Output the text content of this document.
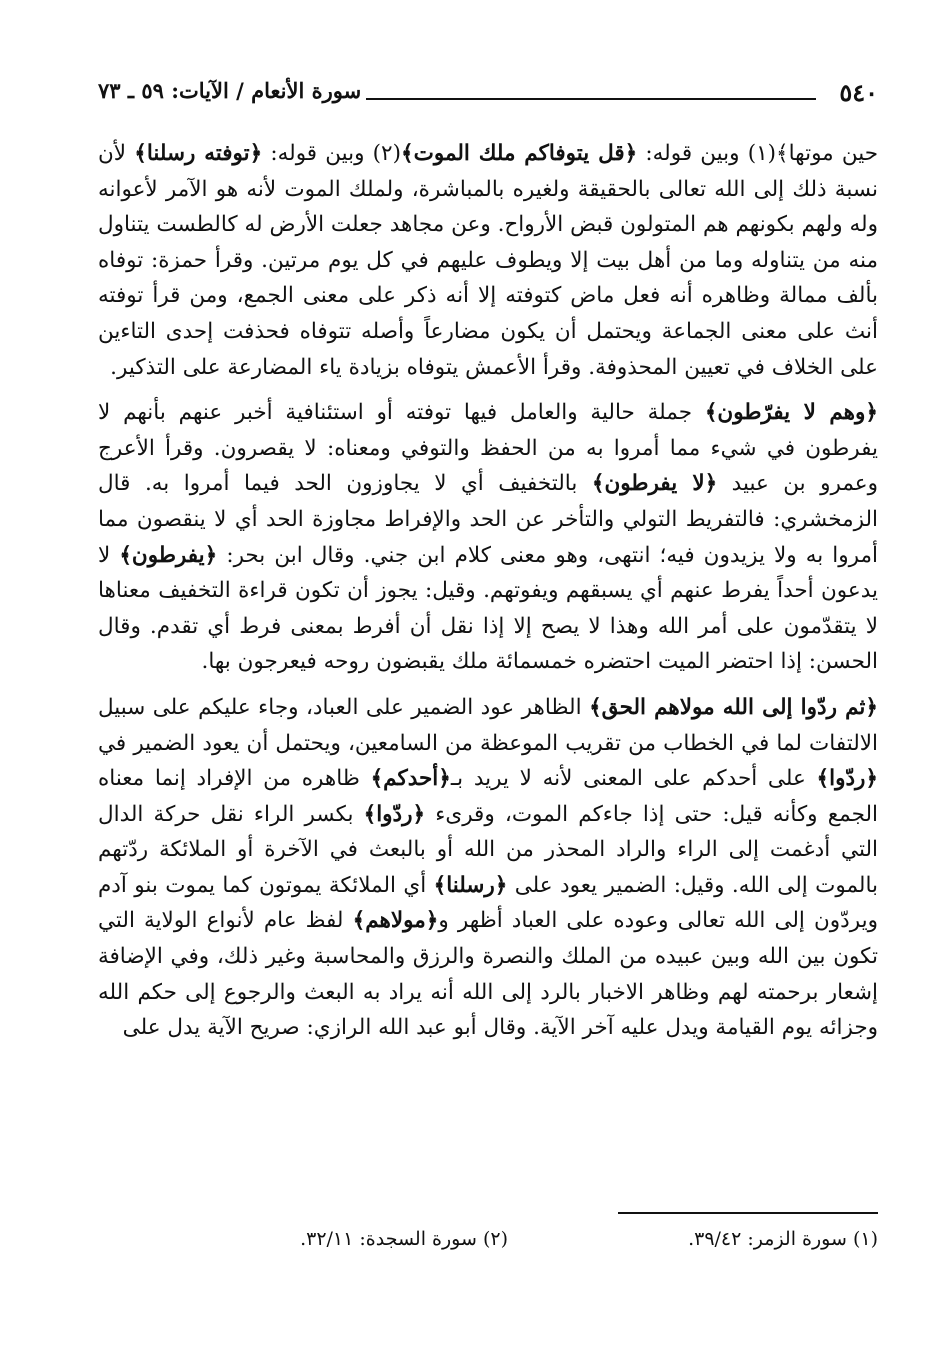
٥٤٠
سورة الأنعام / الآيات: ٥٩ ـ ٧٣

حين موتها﴾(١) وبين قوله: ﴿قل يتوفاكم ملك الموت﴾(٢) وبين قوله: ﴿توفته رسلنا﴾ لأن نسبة ذلك إلى الله تعالى بالحقيقة ولغيره بالمباشرة، ولملك الموت لأنه هو الآمر لأعوانه وله ولهم بكونهم هم المتولون قبض الأرواح. وعن مجاهد جعلت الأرض له كالطست يتناول منه من يتناوله وما من أهل بيت إلا ويطوف عليهم في كل يوم مرتين. وقرأ حمزة: توفاه بألف ممالة وظاهره أنه فعل ماض كتوفته إلا أنه ذكر على معنى الجمع، ومن قرأ توفته أنث على معنى الجماعة ويحتمل أن يكون مضارعاً وأصله تتوفاه فحذفت إحدى التاءين على الخلاف في تعيين المحذوفة. وقرأ الأعمش يتوفاه بزيادة ياء المضارعة على التذكير.

﴿وهم لا يفرّطون﴾ جملة حالية والعامل فيها توفته أو استئنافية أخبر عنهم بأنهم لا يفرطون في شيء مما أمروا به من الحفظ والتوفي ومعناه: لا يقصرون. وقرأ الأعرج وعمرو بن عبيد ﴿لا يفرطون﴾ بالتخفيف أي لا يجاوزون الحد فيما أمروا به. قال الزمخشري: فالتفريط التولي والتأخر عن الحد والإفراط مجاوزة الحد أي لا ينقصون مما أمروا به ولا يزيدون فيه؛ انتهى، وهو معنى كلام ابن جني. وقال ابن بحر: ﴿يفرطون﴾ لا يدعون أحداً يفرط عنهم أي يسبقهم ويفوتهم. وقيل: يجوز أن تكون قراءة التخفيف معناها لا يتقدّمون على أمر الله وهذا لا يصح إلا إذا نقل أن أفرط بمعنى فرط أي تقدم. وقال الحسن: إذا احتضر الميت احتضره خمسمائة ملك يقبضون روحه فيعرجون بها.

﴿ثم ردّوا إلى الله مولاهم الحق﴾ الظاهر عود الضمير على العباد، وجاء عليكم على سبيل الالتفات لما في الخطاب من تقريب الموعظة من السامعين، ويحتمل أن يعود الضمير في ﴿ردّوا﴾ على أحدكم على المعنى لأنه لا يريد بـ﴿أحدكم﴾ ظاهره من الإفراد إنما معناه الجمع وكأنه قيل: حتى إذا جاءكم الموت، وقرىء ﴿ردّوا﴾ بكسر الراء نقل حركة الدال التي أدغمت إلى الراء والراد المحذر من الله أو بالبعث في الآخرة أو الملائكة ردّتهم بالموت إلى الله. وقيل: الضمير يعود على ﴿رسلنا﴾ أي الملائكة يموتون كما يموت بنو آدم ويردّون إلى الله تعالى وعوده على العباد أظهر و﴿مولاهم﴾ لفظ عام لأنواع الولاية التي تكون بين الله وبين عبيده من الملك والنصرة والرزق والمحاسبة وغير ذلك، وفي الإضافة إشعار برحمته لهم وظاهر الاخبار بالرد إلى الله أنه يراد به البعث والرجوع إلى حكم الله وجزائه يوم القيامة ويدل عليه آخر الآية. وقال أبو عبد الله الرازي: صريح الآية يدل على

(١) سورة الزمر: ٣٩/٤٢.
(٢) سورة السجدة: ٣٢/١١.
